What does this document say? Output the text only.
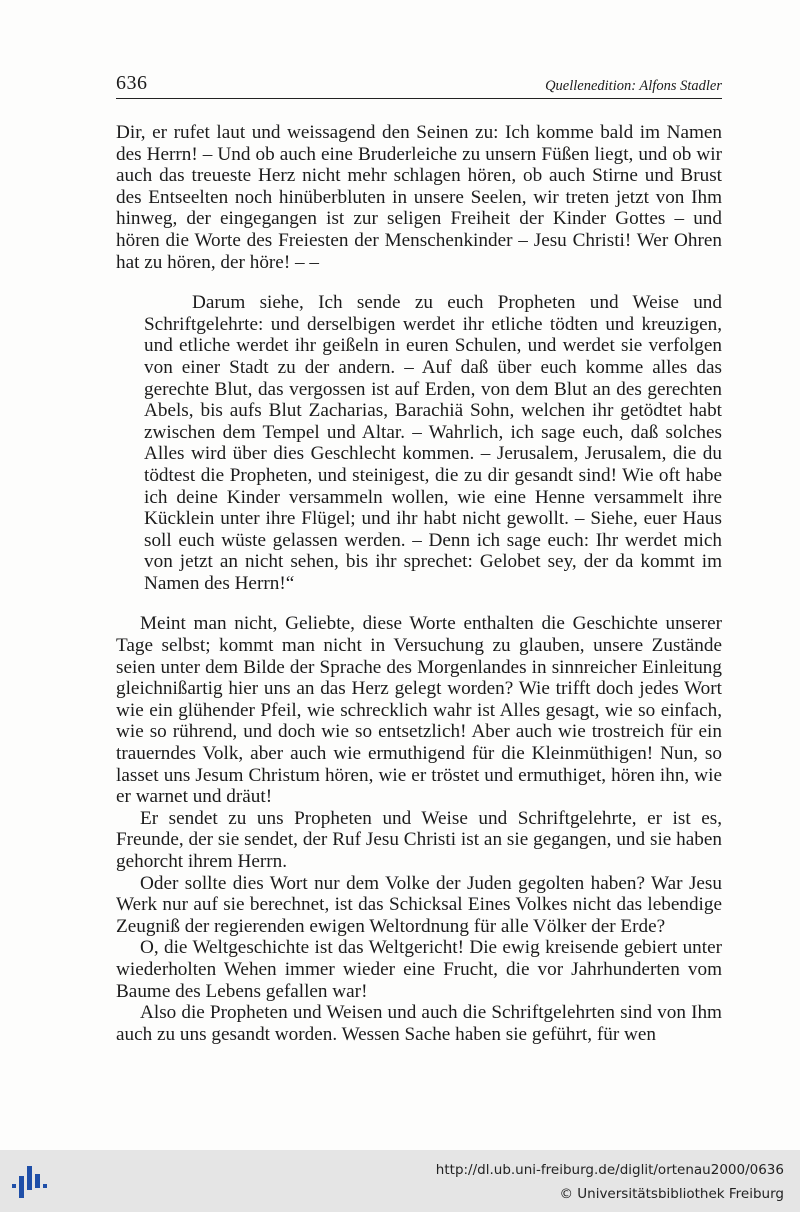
636	Quellenedition: Alfons Stadler

Dir, er rufet laut und weissagend den Seinen zu: Ich komme bald im Namen des Herrn! – Und ob auch eine Bruderleiche zu unsern Füßen liegt, und ob wir auch das treueste Herz nicht mehr schlagen hören, ob auch Stirne und Brust des Entseelten noch hinüberbluten in unsere Seelen, wir treten jetzt von Ihm hinweg, der eingegangen ist zur seligen Freiheit der Kinder Gottes – und hören die Worte des Freiesten der Menschenkinder – Jesu Christi! Wer Ohren hat zu hören, der höre! – –

Darum siehe, Ich sende zu euch Propheten und Weise und Schriftgelehrte: und derselbigen werdet ihr etliche tödten und kreuzigen, und etliche werdet ihr geißeln in euren Schulen, und werdet sie verfolgen von einer Stadt zu der andern. – Auf daß über euch komme alles das gerechte Blut, das vergossen ist auf Erden, von dem Blut an des gerechten Abels, bis aufs Blut Zacharias, Barachiä Sohn, welchen ihr getödtet habt zwischen dem Tempel und Altar. – Wahrlich, ich sage euch, daß solches Alles wird über dies Geschlecht kommen. – Jerusalem, Jerusalem, die du tödtest die Propheten, und steinigest, die zu dir gesandt sind! Wie oft habe ich deine Kinder versammeln wollen, wie eine Henne versammelt ihre Kücklein unter ihre Flügel; und ihr habt nicht gewollt. – Siehe, euer Haus soll euch wüste gelassen werden. – Denn ich sage euch: Ihr werdet mich von jetzt an nicht sehen, bis ihr sprechet: Gelobet sey, der da kommt im Namen des Herrn!“

Meint man nicht, Geliebte, diese Worte enthalten die Geschichte unserer Tage selbst; kommt man nicht in Versuchung zu glauben, unsere Zustände seien unter dem Bilde der Sprache des Morgenlandes in sinnreicher Einleitung gleichnißartig hier uns an das Herz gelegt worden? Wie trifft doch jedes Wort wie ein glühender Pfeil, wie schrecklich wahr ist Alles gesagt, wie so einfach, wie so rührend, und doch wie so entsetzlich! Aber auch wie trostreich für ein trauerndes Volk, aber auch wie ermuthigend für die Kleinmüthigen! Nun, so lasset uns Jesum Christum hören, wie er tröstet und ermuthiget, hören ihn, wie er warnet und dräut!

Er sendet zu uns Propheten und Weise und Schriftgelehrte, er ist es, Freunde, der sie sendet, der Ruf Jesu Christi ist an sie gegangen, und sie haben gehorcht ihrem Herrn.

Oder sollte dies Wort nur dem Volke der Juden gegolten haben? War Jesu Werk nur auf sie berechnet, ist das Schicksal Eines Volkes nicht das lebendige Zeugniß der regierenden ewigen Weltordnung für alle Völker der Erde?

O, die Weltgeschichte ist das Weltgericht! Die ewig kreisende gebiert unter wiederholten Wehen immer wieder eine Frucht, die vor Jahrhunderten vom Baume des Lebens gefallen war!

Also die Propheten und Weisen und auch die Schriftgelehrten sind von Ihm auch zu uns gesandt worden. Wessen Sache haben sie geführt, für wen

http://dl.ub.uni-freiburg.de/diglit/ortenau2000/0636
© Universitätsbibliothek Freiburg
